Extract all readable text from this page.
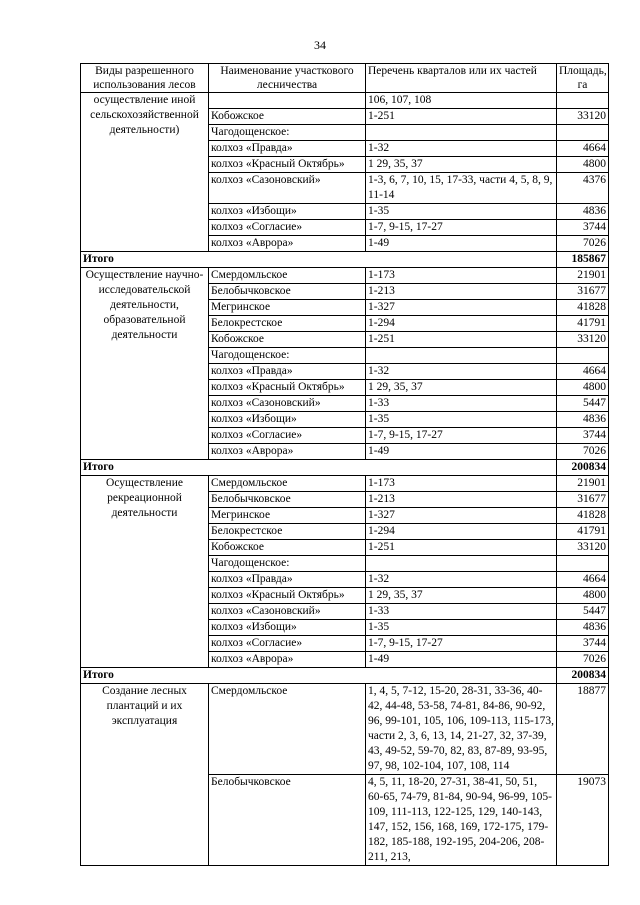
34
Виды разрешенного использования лесов	Наименование участкового лесничества	Перечень кварталов или их частей	Площадь, га
осуществление иной сельскохозяйственной деятельности)		106, 107, 108	
	Кобожское	1-251	33120
	Чагодощенское:		
	колхоз «Правда»	1-32	4664
	колхоз «Красный Октябрь»	1 29, 35, 37	4800
	колхоз «Сазоновский»	1-3, 6, 7, 10, 15, 17-33, части 4, 5, 8, 9, 11-14	4376
	колхоз «Избощи»	1-35	4836
	колхоз «Согласие»	1-7, 9-15, 17-27	3744
	колхоз «Аврора»	1-49	7026
Итого			185867
Осуществление научно-исследовательской деятельности, образовательной деятельности	Смердомльское	1-173	21901
	Белобычковское	1-213	31677
	Мегринское	1-327	41828
	Белокрестское	1-294	41791
	Кобожское	1-251	33120
	Чагодощенское:		
	колхоз «Правда»	1-32	4664
	колхоз «Красный Октябрь»	1 29, 35, 37	4800
	колхоз «Сазоновский»	1-33	5447
	колхоз «Избощи»	1-35	4836
	колхоз «Согласие»	1-7, 9-15, 17-27	3744
	колхоз «Аврора»	1-49	7026
Итого			200834
Осуществление рекреационной деятельности	Смердомльское	1-173	21901
	Белобычковское	1-213	31677
	Мегринское	1-327	41828
	Белокрестское	1-294	41791
	Кобожское	1-251	33120
	Чагодощенское:		
	колхоз «Правда»	1-32	4664
	колхоз «Красный Октябрь»	1 29, 35, 37	4800
	колхоз «Сазоновский»	1-33	5447
	колхоз «Избощи»	1-35	4836
	колхоз «Согласие»	1-7, 9-15, 17-27	3744
	колхоз «Аврора»	1-49	7026
Итого			200834
Создание лесных плантаций и их эксплуатация	Смердомльское	1, 4, 5, 7-12, 15-20, 28-31, 33-36, 40-42, 44-48, 53-58, 74-81, 84-86, 90-92, 96, 99-101, 105, 106, 109-113, 115-173, части 2, 3, 6, 13, 14, 21-27, 32, 37-39, 43, 49-52, 59-70, 82, 83, 87-89, 93-95, 97, 98, 102-104, 107, 108, 114	18877
	Белобычковское	4, 5, 11, 18-20, 27-31, 38-41, 50, 51, 60-65, 74-79, 81-84, 90-94, 96-99, 105-109, 111-113, 122-125, 129, 140-143, 147, 152, 156, 168, 169, 172-175, 179-182, 185-188, 192-195, 204-206, 208-211, 213,	19073
